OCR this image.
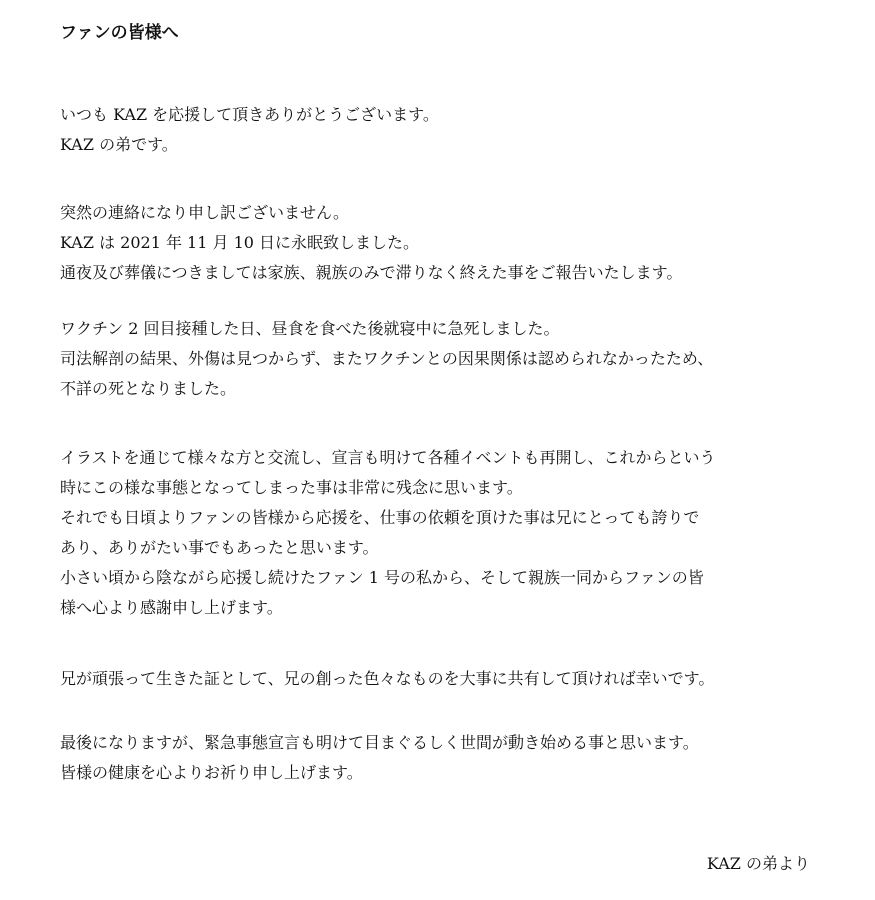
ファンの皆様へ
いつも KAZ を応援して頂きありがとうございます。
KAZ の弟です。
突然の連絡になり申し訳ございません。
KAZ は 2021 年 11 月 10 日に永眠致しました。
通夜及び葬儀につきましては家族、親族のみで滞りなく終えた事をご報告いたします。
ワクチン 2 回目接種した日、昼食を食べた後就寝中に急死しました。
司法解剖の結果、外傷は見つからず、またワクチンとの因果関係は認められなかったため、
不詳の死となりました。
イラストを通じて様々な方と交流し、宣言も明けて各種イベントも再開し、これからという
時にこの様な事態となってしまった事は非常に残念に思います。
それでも日頃よりファンの皆様から応援を、仕事の依頼を頂けた事は兄にとっても誇りで
あり、ありがたい事でもあったと思います。
小さい頃から陰ながら応援し続けたファン 1 号の私から、そして親族一同からファンの皆
様へ心より感謝申し上げます。
兄が頑張って生きた証として、兄の創った色々なものを大事に共有して頂ければ幸いです。
最後になりますが、緊急事態宣言も明けて目まぐるしく世間が動き始める事と思います。
皆様の健康を心よりお祈り申し上げます。
KAZ の弟より
